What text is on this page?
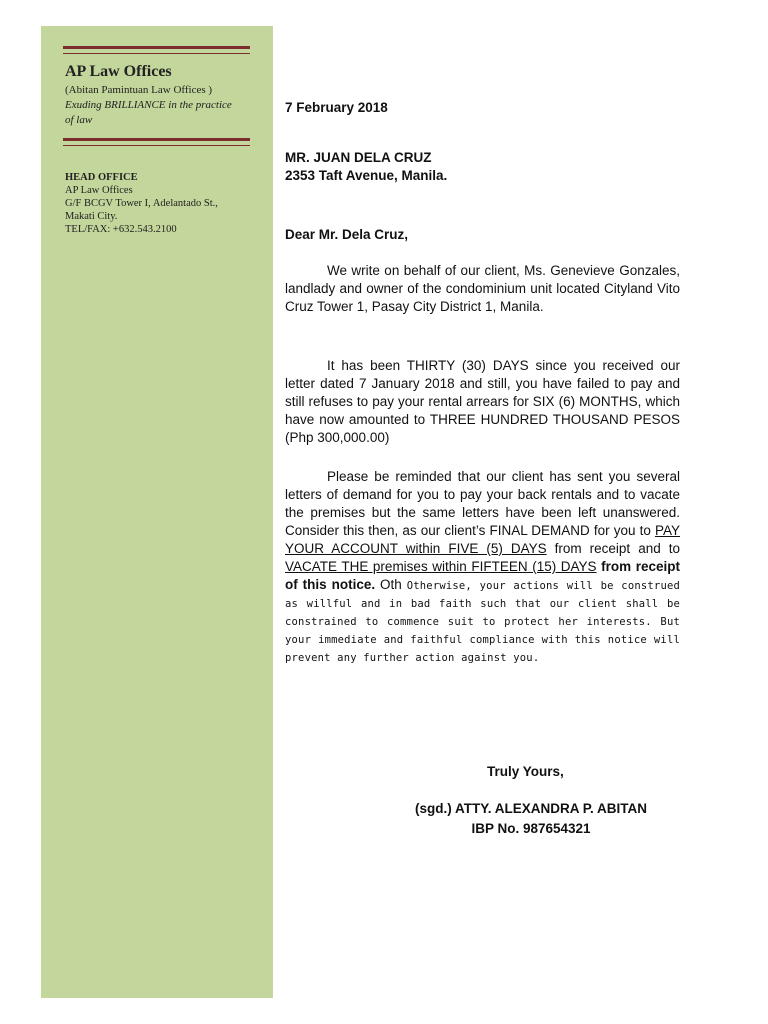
AP Law Offices
(Abitan Pamintuan Law Offices )
Exuding BRILLIANCE in the practice of law
HEAD OFFICE
AP Law Offices
G/F BCGV Tower I, Adelantado St.,
Makati City.
TEL/FAX: +632.543.2100
7 February 2018
MR. JUAN DELA CRUZ
2353 Taft Avenue, Manila.
Dear Mr. Dela Cruz,

We write on behalf of our client, Ms. Genevieve Gonzales, landlady and owner of the condominium unit located Cityland Vito Cruz Tower 1, Pasay City District 1, Manila.

It has been THIRTY (30) DAYS since you received our letter dated 7 January 2018 and still, you have failed to pay and still refuses to pay your rental arrears for SIX (6) MONTHS, which have now amounted to THREE HUNDRED THOUSAND PESOS (Php 300,000.00)

Please be reminded that our client has sent you several letters of demand for you to pay your back rentals and to vacate the premises but the same letters have been left unanswered. Consider this then, as our client’s FINAL DEMAND for you to PAY YOUR ACCOUNT within FIVE (5) DAYS from receipt and to VACATE THE premises within FIFTEEN (15) DAYS from receipt of this notice. Oth Otherwise, your actions will be construed as willful and in bad faith such that our client shall be constrained to commence suit to protect her interests. But your immediate and faithful compliance with this notice will prevent any further action against you.

Truly Yours,
(sgd.) ATTY. ALEXANDRA P. ABITAN
IBP No. 987654321
